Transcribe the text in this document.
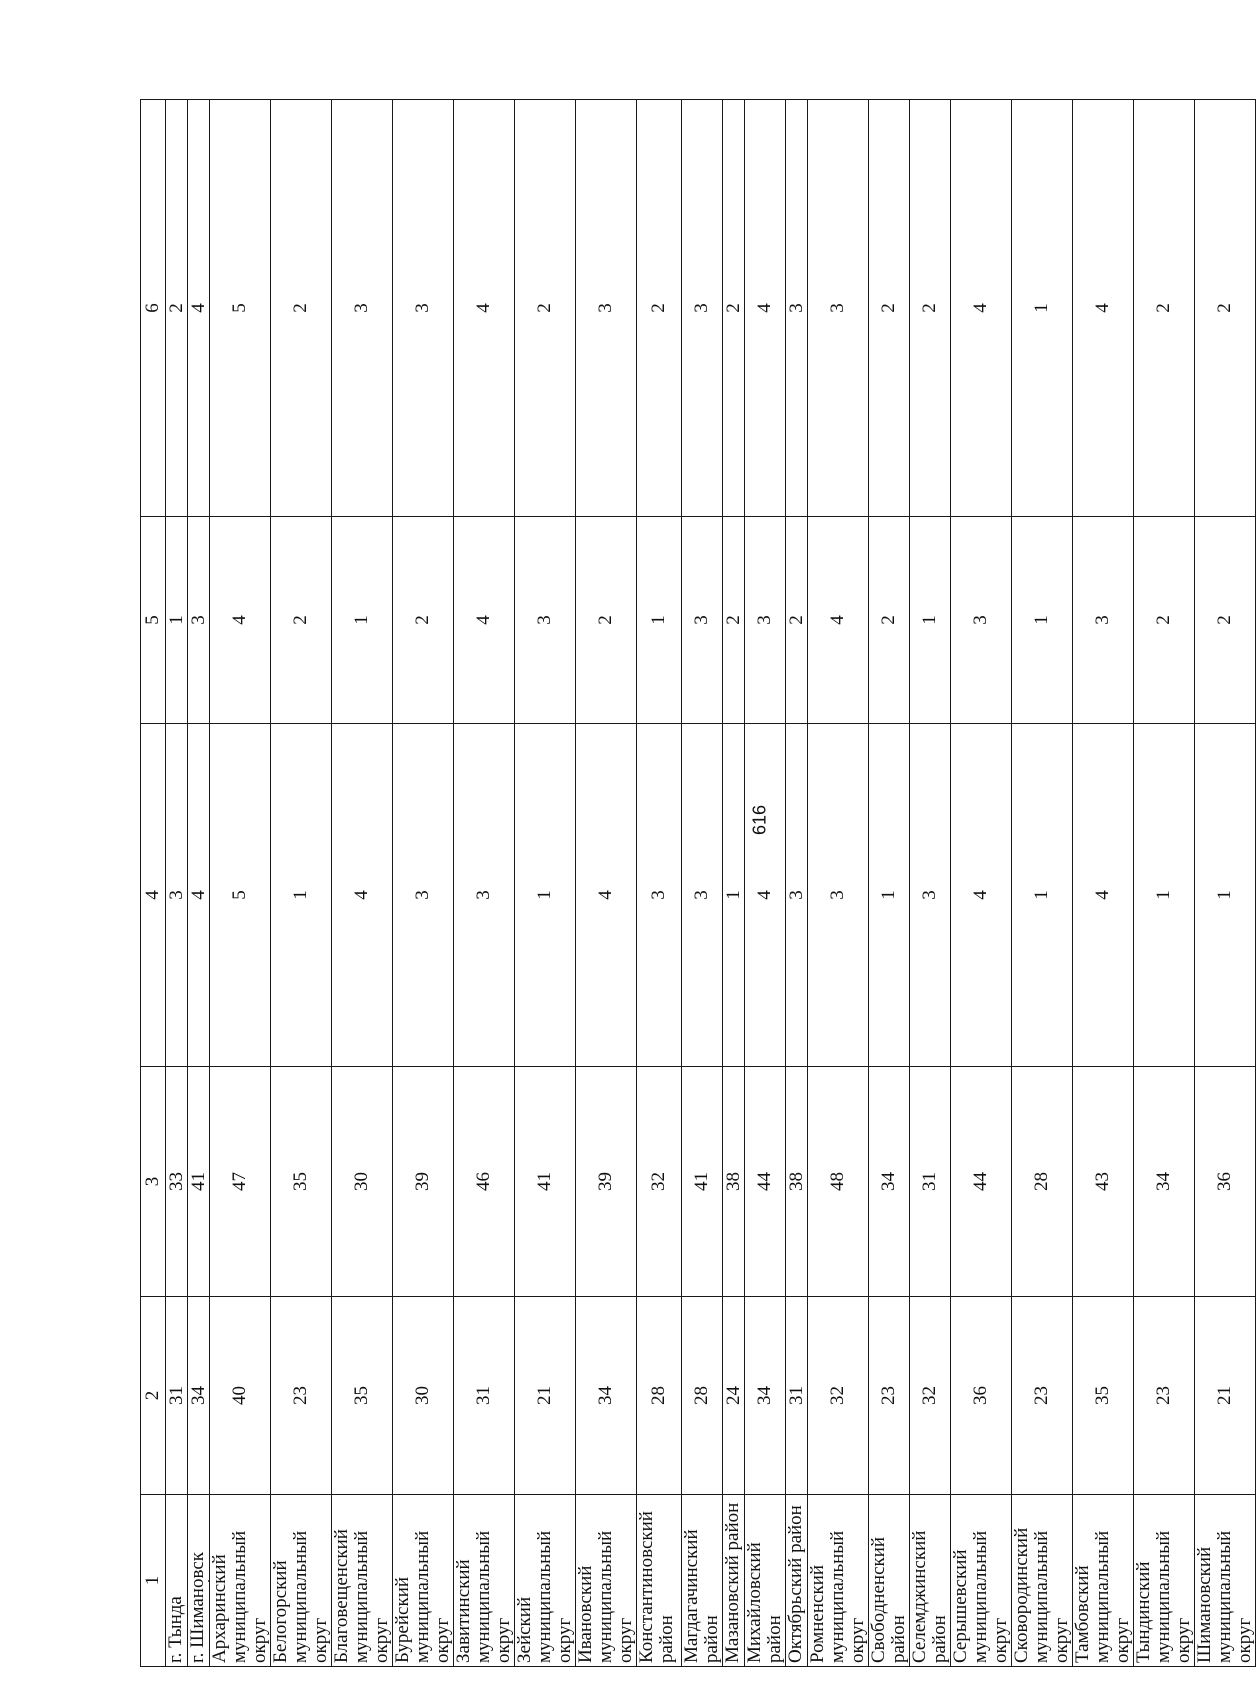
616
1	2	3	4	5	6
г. Тында	31	33	3	1	2
г. Шимановск	34	41	4	3	4
Архаринский
муниципальный округ	40	47	5	4	5
Белогорский
муниципальный округ	23	35	1	2	2
Благовещенский
муниципальный округ	35	30	4	1	3
Бурейский
муниципальный округ	30	39	3	2	3
Завитинский
муниципальный округ	31	46	3	4	4
Зейский муниципальный
округ	21	41	1	3	2
Ивановский
муниципальный округ	34	39	4	2	3
Константиновский
район	28	32	3	1	2
Магдагачинский район	28	41	3	3	3
Мазановский район	24	38	1	2	2
Михайловский район	34	44	4	3	4
Октябрьский район	31	38	3	2	3
Ромненский
муниципальный округ	32	48	3	4	3
Свободненский район	23	34	1	2	2
Селемджинский район	32	31	3	1	2
Серышевский
муниципальный округ	36	44	4	3	4
Сковородинский
муниципальный округ	23	28	1	1	1
Тамбовский
муниципальный округ	35	43	4	3	4
Тындинский
муниципальный округ	23	34	1	2	2
Шимановский
муниципальный округ	21	36	1	2	2
